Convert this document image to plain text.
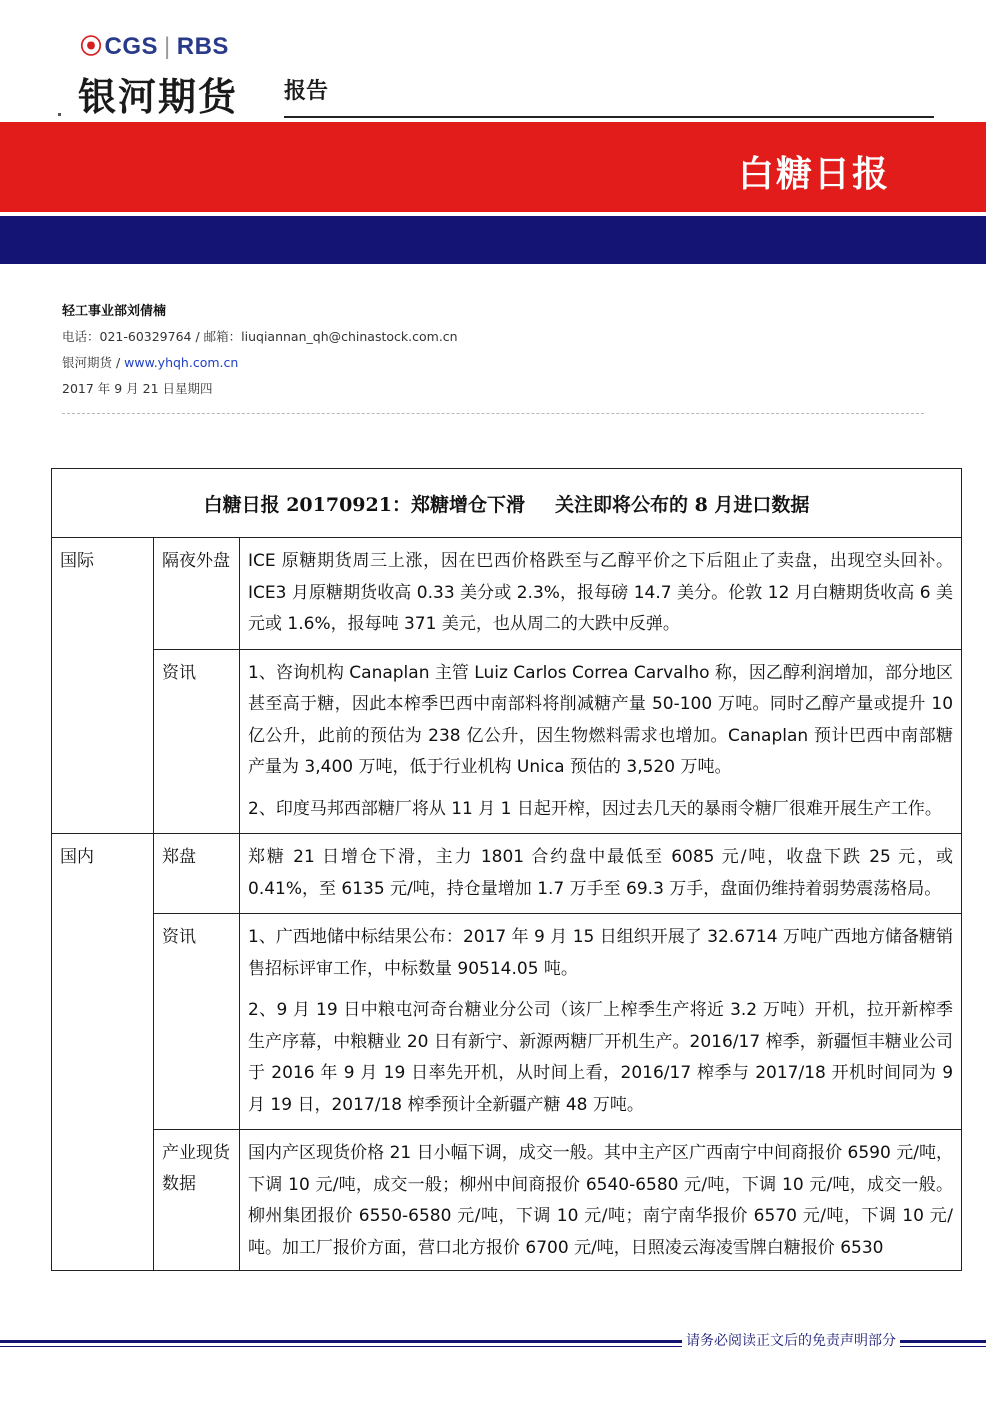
⦿CGS | RBS
银河期货 报告
白糖日报
轻工事业部刘倩楠
电话：021-60329764 / 邮箱：liuqiannan_qh@chinastock.com.cn
银河期货 / www.yhqh.com.cn
2017 年 9 月 21 日星期四
白糖日报 20170921：郑糖增仓下滑 关注即将公布的 8 月进口数据		
国际	隔夜外盘	ICE 原糖期货周三上涨，因在巴西价格跌至与乙醇平价之下后阻止了卖盘，出现空头回补。ICE3 月原糖期货收高 0.33 美分或 2.3%，报每磅 14.7 美分。伦敦 12 月白糖期货收高 6 美元或 1.6%，报每吨 371 美元，也从周二的大跌中反弹。

	资讯	1、咨询机构 Canaplan 主管 Luiz Carlos Correa Carvalho 称，因乙醇利润增加，部分地区甚至高于糖，因此本榨季巴西中南部料将削减糖产量 50-100 万吨。同时乙醇产量或提升 10 亿公升，此前的预估为 238 亿公升，因生物燃料需求也增加。Canaplan 预计巴西中南部糖产量为 3,400 万吨，低于行业机构 Unica 预估的 3,520 万吨。

2、印度马邦西部糖厂将从 11 月 1 日起开榨，因过去几天的暴雨令糖厂很难开展生产工作。

国内	郑盘	郑糖 21 日增仓下滑，主力 1801 合约盘中最低至 6085 元/吨，收盘下跌 25 元，或 0.41%，至 6135 元/吨，持仓量增加 1.7 万手至 69.3 万手，盘面仍维持着弱势震荡格局。

	资讯	1、广西地储中标结果公布：2017 年 9 月 15 日组织开展了 32.6714 万吨广西地方储备糖销售招标评审工作，中标数量 90514.05 吨。

2、9 月 19 日中粮屯河奇台糖业分公司（该厂上榨季生产将近 3.2 万吨）开机，拉开新榨季生产序幕，中粮糖业 20 日有新宁、新源两糖厂开机生产。2016/17 榨季，新疆恒丰糖业公司于 2016 年 9 月 19 日率先开机，从时间上看，2016/17 榨季与 2017/18 开机时间同为 9 月 19 日，2017/18 榨季预计全新疆产糖 48 万吨。

	产业现货数据	国内产区现货价格 21 日小幅下调，成交一般。其中主产区广西南宁中间商报价 6590 元/吨，下调 10 元/吨，成交一般；柳州中间商报价 6540-6580 元/吨，下调 10 元/吨，成交一般。柳州集团报价 6550-6580 元/吨，下调 10 元/吨；南宁南华报价 6570 元/吨，下调 10 元/吨。加工厂报价方面，营口北方报价 6700 元/吨，日照凌云海凌雪牌白糖报价 6530

请务必阅读正文后的免责声明部分
